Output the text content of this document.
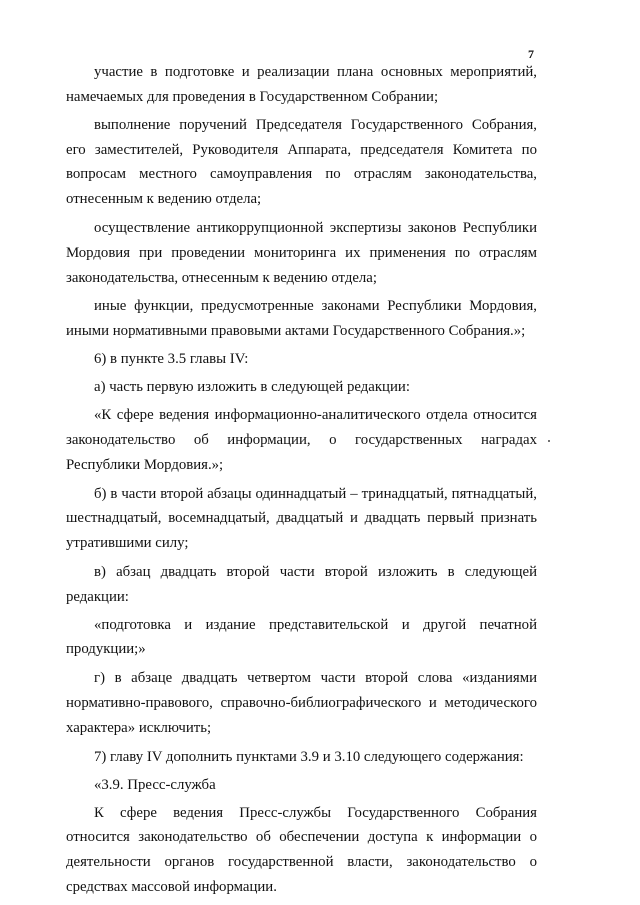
7

участие в подготовке и реализации плана основных мероприятий, намечаемых для проведения в Государственном Собрании;

выполнение поручений Председателя Государственного Собрания, его заместителей, Руководителя Аппарата, председателя Комитета по вопросам местного самоуправления по отраслям законодательства, отнесенным к ведению отдела;

осуществление антикоррупционной экспертизы законов Республики Мордовия при проведении мониторинга их применения по отраслям законодательства, отнесенным к ведению отдела;

иные функции, предусмотренные законами Республики Мордовия, иными нормативными правовыми актами Государственного Собрания.»;

6) в пункте 3.5 главы IV:

а) часть первую изложить в следующей редакции:

«К сфере ведения информационно-аналитического отдела относится законодательство об информации, о государственных наградах Республики Мордовия.»;

б) в части второй абзацы одиннадцатый – тринадцатый, пятнадцатый, шестнадцатый, восемнадцатый, двадцатый и двадцать первый признать утратившими силу;

в) абзац двадцать второй части второй изложить в следующей редакции:

«подготовка и издание представительской и другой печатной продукции;»

г) в абзаце двадцать четвертом части второй слова «изданиями нормативно-правового, справочно-библиографического и методического характера» исключить;

7) главу IV дополнить пунктами 3.9 и 3.10 следующего содержания:

«3.9. Пресс-служба

К сфере ведения Пресс-службы Государственного Собрания относится законодательство об обеспечении доступа к информации о деятельности органов государственной власти, законодательство о средствах массовой информации.
